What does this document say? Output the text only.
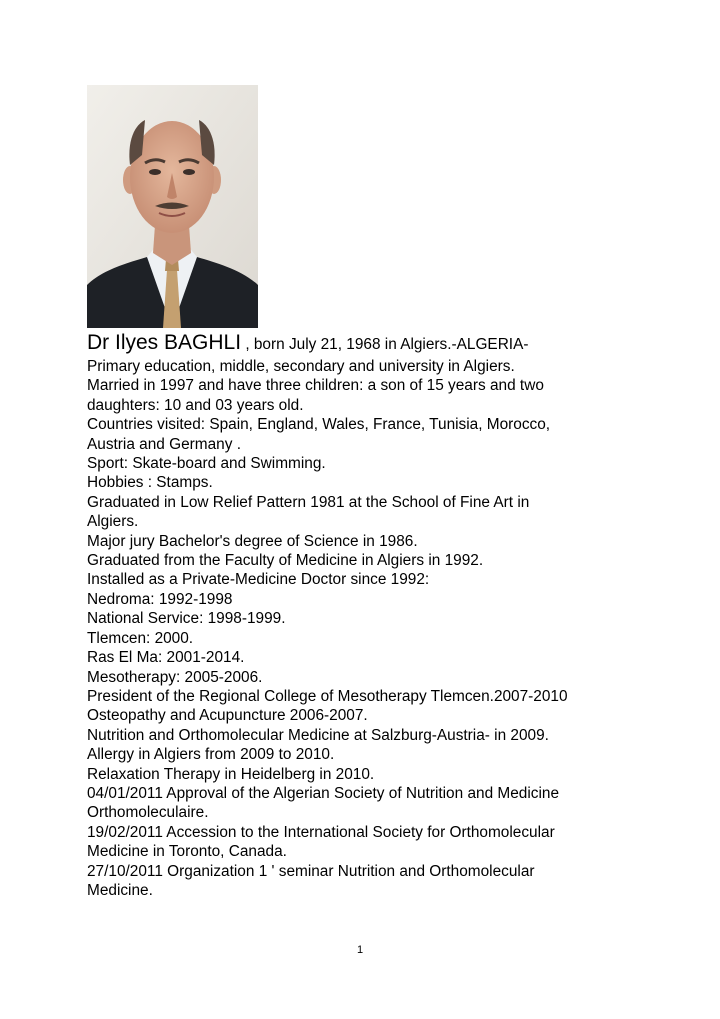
Dr Ilyes BAGHLI , born July 21, 1968 in Algiers.-ALGERIA-
Primary education, middle, secondary and university in Algiers.
Married in 1997 and have three children: a son of 15 years and two
daughters: 10 and 03 years old.
Countries visited: Spain, England, Wales, France, Tunisia, Morocco,
Austria and Germany .
Sport: Skate-board and Swimming.
Hobbies : Stamps.
Graduated in Low Relief Pattern 1981 at the School of Fine Art in
Algiers.
Major jury Bachelor's degree of Science in 1986.
Graduated from the Faculty of Medicine in Algiers in 1992.
Installed as a Private-Medicine Doctor since 1992:
Nedroma: 1992-1998
National Service: 1998-1999.
Tlemcen: 2000.
Ras El Ma: 2001-2014.
Mesotherapy: 2005-2006.
President of the Regional College of Mesotherapy Tlemcen.2007-2010
Osteopathy and Acupuncture 2006-2007.
Nutrition and Orthomolecular Medicine at Salzburg-Austria- in 2009.
Allergy in Algiers from 2009 to 2010.
Relaxation Therapy in Heidelberg in 2010.
04/01/2011 Approval of the Algerian Society of Nutrition and Medicine
Orthomoleculaire.
19/02/2011 Accession to the International Society for Orthomolecular
Medicine in Toronto, Canada.
27/10/2011 Organization 1 ' seminar Nutrition and Orthomolecular
Medicine.
1
